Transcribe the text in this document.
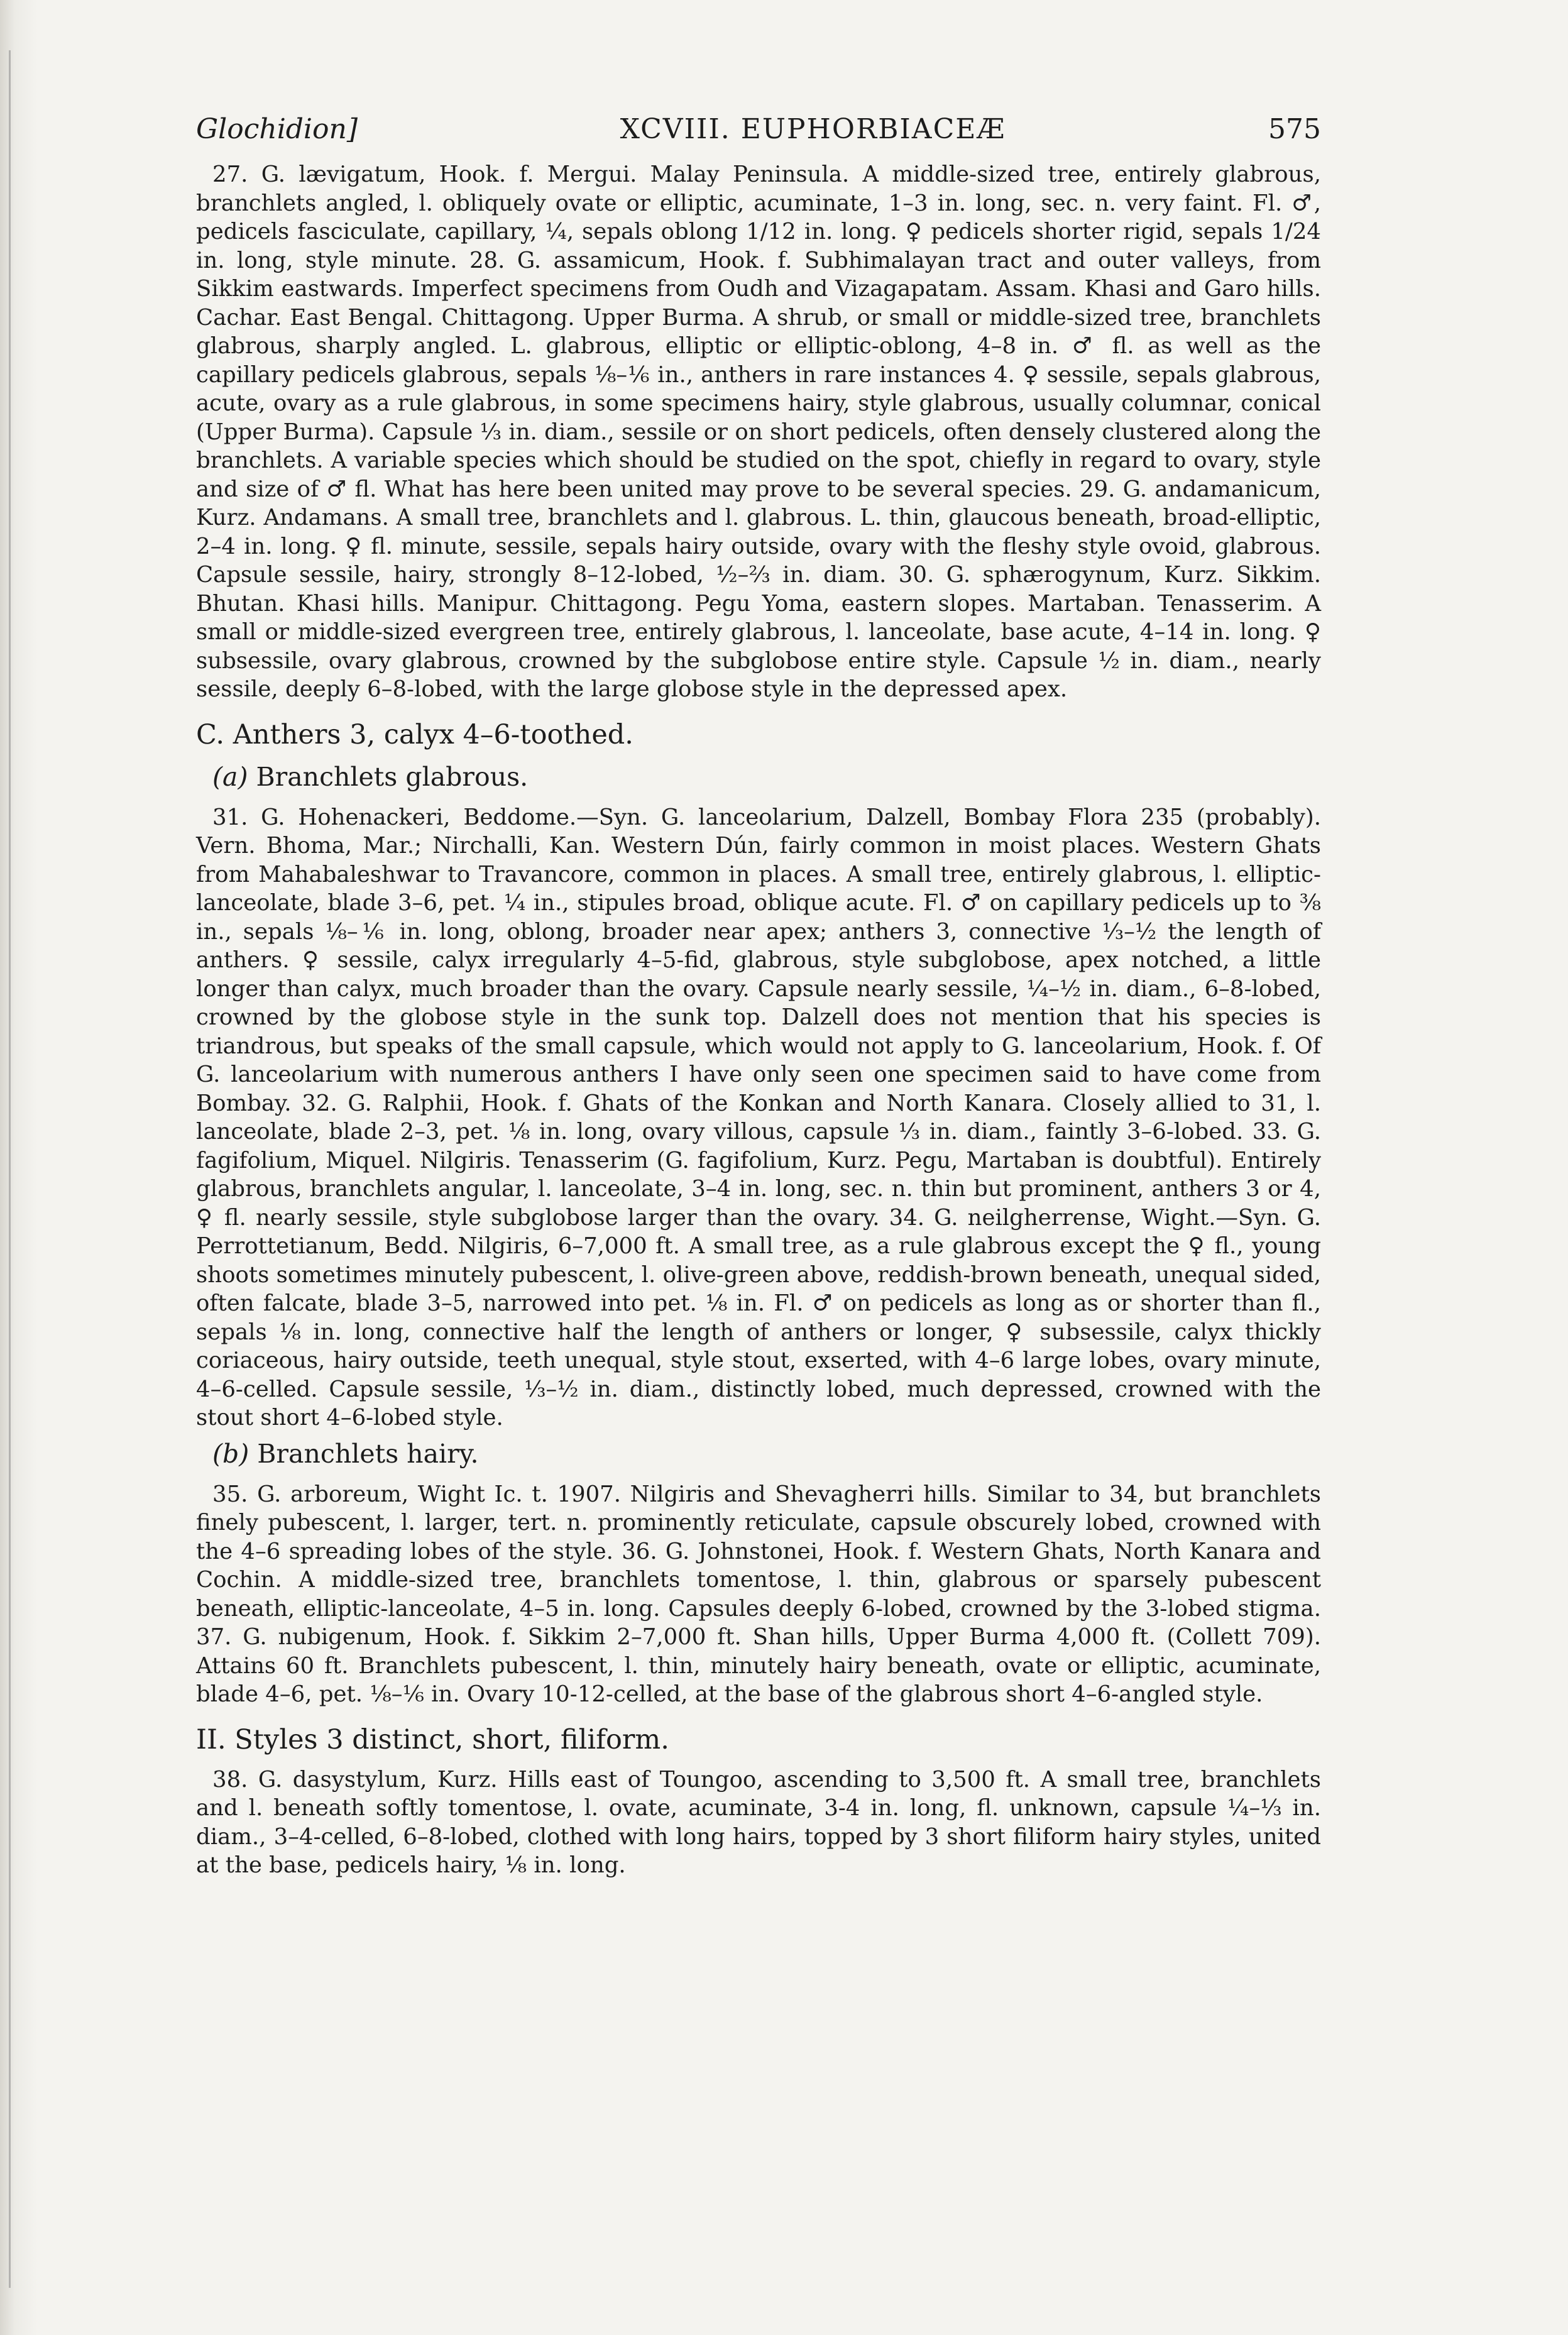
Glochidion]	XCVIII. EUPHORBIACEÆ	575

27. G. lævigatum, Hook. f. Mergui. Malay Peninsula. A middle-sized tree, entirely glabrous, branchlets angled, l. obliquely ovate or elliptic, acuminate, 1–3 in. long, sec. n. very faint. Fl. ♂, pedicels fasciculate, capillary, ¼, sepals oblong 1/12 in. long. ♀ pedicels shorter rigid, sepals 1/24 in. long, style minute. 28. G. assamicum, Hook. f. Subhimalayan tract and outer valleys, from Sikkim eastwards. Imperfect specimens from Oudh and Vizagapatam. Assam. Khasi and Garo hills. Cachar. East Bengal. Chittagong. Upper Burma. A shrub, or small or middle-sized tree, branchlets glabrous, sharply angled. L. glabrous, elliptic or elliptic-oblong, 4–8 in. ♂ fl. as well as the capillary pedicels glabrous, sepals ⅛–⅙ in., anthers in rare instances 4. ♀ sessile, sepals glabrous, acute, ovary as a rule glabrous, in some specimens hairy, style glabrous, usually columnar, conical (Upper Burma). Capsule ⅓ in. diam., sessile or on short pedicels, often densely clustered along the branchlets. A variable species which should be studied on the spot, chiefly in regard to ovary, style and size of ♂ fl. What has here been united may prove to be several species. 29. G. andamanicum, Kurz. Andamans. A small tree, branchlets and l. glabrous. L. thin, glaucous beneath, broad-elliptic, 2–4 in. long. ♀ fl. minute, sessile, sepals hairy outside, ovary with the fleshy style ovoid, glabrous. Capsule sessile, hairy, strongly 8–12-lobed, ½–⅔ in. diam. 30. G. sphærogynum, Kurz. Sikkim. Bhutan. Khasi hills. Manipur. Chittagong. Pegu Yoma, eastern slopes. Martaban. Tenasserim. A small or middle-sized evergreen tree, entirely glabrous, l. lanceolate, base acute, 4–14 in. long. ♀ subsessile, ovary glabrous, crowned by the subglobose entire style. Capsule ½ in. diam., nearly sessile, deeply 6–8-lobed, with the large globose style in the depressed apex.

C. Anthers 3, calyx 4–6-toothed.
(a) Branchlets glabrous.

31. G. Hohenackeri, Beddome.—Syn. G. lanceolarium, Dalzell, Bombay Flora 235 (probably). Vern. Bhoma, Mar.; Nirchalli, Kan. Western Dún, fairly common in moist places. Western Ghats from Mahabaleshwar to Travancore, common in places. A small tree, entirely glabrous, l. elliptic-lanceolate, blade 3–6, pet. ¼ in., stipules broad, oblique acute. Fl. ♂ on capillary pedicels up to ⅜ in., sepals ⅛–⅙ in. long, oblong, broader near apex; anthers 3, connective ⅓–½ the length of anthers. ♀ sessile, calyx irregularly 4–5-fid, glabrous, style subglobose, apex notched, a little longer than calyx, much broader than the ovary. Capsule nearly sessile, ¼–½ in. diam., 6–8-lobed, crowned by the globose style in the sunk top. Dalzell does not mention that his species is triandrous, but speaks of the small capsule, which would not apply to G. lanceolarium, Hook. f. Of G. lanceolarium with numerous anthers I have only seen one specimen said to have come from Bombay. 32. G. Ralphii, Hook. f. Ghats of the Konkan and North Kanara. Closely allied to 31, l. lanceolate, blade 2–3, pet. ⅛ in. long, ovary villous, capsule ⅓ in. diam., faintly 3–6-lobed. 33. G. fagifolium, Miquel. Nilgiris. Tenasserim (G. fagifolium, Kurz. Pegu, Martaban is doubtful). Entirely glabrous, branchlets angular, l. lanceolate, 3–4 in. long, sec. n. thin but prominent, anthers 3 or 4, ♀ fl. nearly sessile, style subglobose larger than the ovary. 34. G. neilgherrense, Wight.—Syn. G. Perrottetianum, Bedd. Nilgiris, 6–7,000 ft. A small tree, as a rule glabrous except the ♀ fl., young shoots sometimes minutely pubescent, l. olive-green above, reddish-brown beneath, unequal sided, often falcate, blade 3–5, narrowed into pet. ⅛ in. Fl. ♂ on pedicels as long as or shorter than fl., sepals ⅛ in. long, connective half the length of anthers or longer, ♀ subsessile, calyx thickly coriaceous, hairy outside, teeth unequal, style stout, exserted, with 4–6 large lobes, ovary minute, 4–6-celled. Capsule sessile, ⅓–½ in. diam., distinctly lobed, much depressed, crowned with the stout short 4–6-lobed style.

(b) Branchlets hairy.

35. G. arboreum, Wight Ic. t. 1907. Nilgiris and Shevagherri hills. Similar to 34, but branchlets finely pubescent, l. larger, tert. n. prominently reticulate, capsule obscurely lobed, crowned with the 4–6 spreading lobes of the style. 36. G. Johnstonei, Hook. f. Western Ghats, North Kanara and Cochin. A middle-sized tree, branchlets tomentose, l. thin, glabrous or sparsely pubescent beneath, elliptic-lanceolate, 4–5 in. long. Capsules deeply 6-lobed, crowned by the 3-lobed stigma. 37. G. nubigenum, Hook. f. Sikkim 2–7,000 ft. Shan hills, Upper Burma 4,000 ft. (Collett 709). Attains 60 ft. Branchlets pubescent, l. thin, minutely hairy beneath, ovate or elliptic, acuminate, blade 4–6, pet. ⅛–⅙ in. Ovary 10-12-celled, at the base of the glabrous short 4–6-angled style.

II. Styles 3 distinct, short, filiform.

38. G. dasystylum, Kurz. Hills east of Toungoo, ascending to 3,500 ft. A small tree, branchlets and l. beneath softly tomentose, l. ovate, acuminate, 3-4 in. long, fl. unknown, capsule ¼–⅓ in. diam., 3–4-celled, 6–8-lobed, clothed with long hairs, topped by 3 short filiform hairy styles, united at the base, pedicels hairy, ⅛ in. long.
